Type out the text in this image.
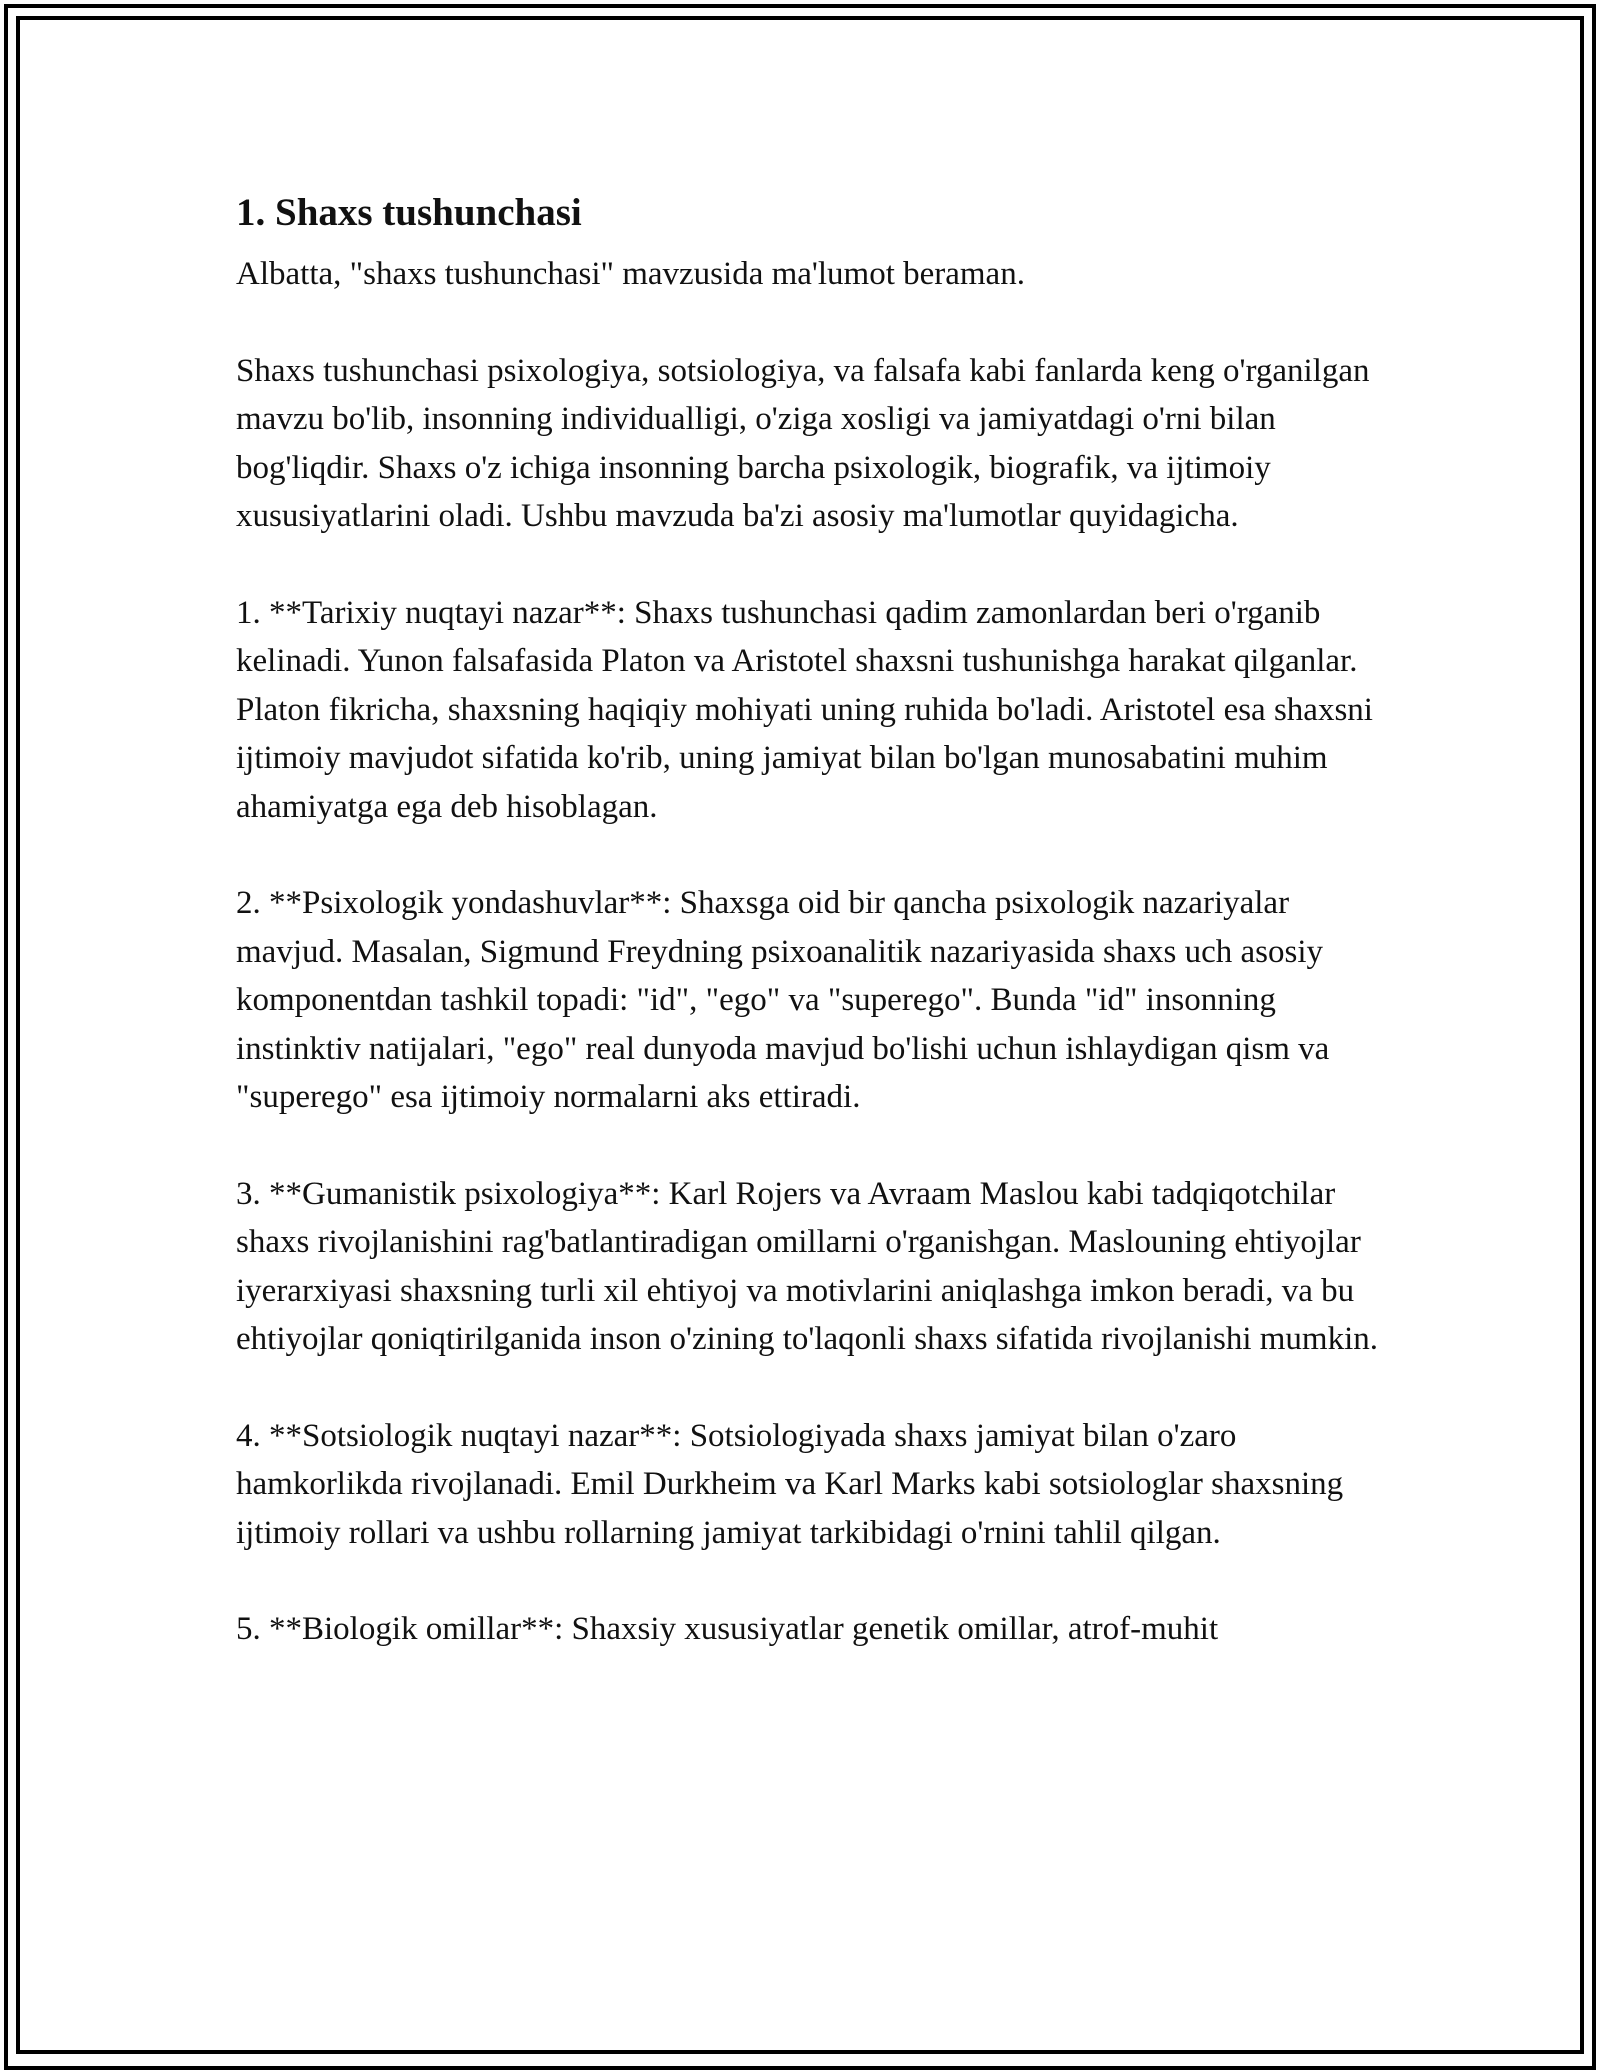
1. Shaxs tushunchasi

Albatta, "shaxs tushunchasi" mavzusida ma'lumot beraman.

Shaxs tushunchasi psixologiya, sotsiologiya, va falsafa kabi fanlarda keng o'rganilgan mavzu bo'lib, insonning individualligi, o'ziga xosligi va jamiyatdagi o'rni bilan bog'liqdir. Shaxs o'z ichiga insonning barcha psixologik, biografik, va ijtimoiy xususiyatlarini oladi. Ushbu mavzuda ba'zi asosiy ma'lumotlar quyidagicha.

1. **Tarixiy nuqtayi nazar**: Shaxs tushunchasi qadim zamonlardan beri o'rganib kelinadi. Yunon falsafasida Platon va Aristotel shaxsni tushunishga harakat qilganlar. Platon fikricha, shaxsning haqiqiy mohiyati uning ruhida bo'ladi. Aristotel esa shaxsni ijtimoiy mavjudot sifatida ko'rib, uning jamiyat bilan bo'lgan munosabatini muhim ahamiyatga ega deb hisoblagan.

2. **Psixologik yondashuvlar**: Shaxsga oid bir qancha psixologik nazariyalar mavjud. Masalan, Sigmund Freydning psixoanalitik nazariyasida shaxs uch asosiy komponentdan tashkil topadi: "id", "ego" va "superego". Bunda "id" insonning instinktiv natijalari, "ego" real dunyoda mavjud bo'lishi uchun ishlaydigan qism va "superego" esa ijtimoiy normalarni aks ettiradi.

3. **Gumanistik psixologiya**: Karl Rojers va Avraam Maslou kabi tadqiqotchilar shaxs rivojlanishini rag'batlantiradigan omillarni o'rganishgan. Maslouning ehtiyojlar iyerarxiyasi shaxsning turli xil ehtiyoj va motivlarini aniqlashga imkon beradi, va bu ehtiyojlar qoniqtirilganida inson o'zining to'laqonli shaxs sifatida rivojlanishi mumkin.

4. **Sotsiologik nuqtayi nazar**: Sotsiologiyada shaxs jamiyat bilan o'zaro hamkorlikda rivojlanadi. Emil Durkheim va Karl Marks kabi sotsiologlar shaxsning ijtimoiy rollari va ushbu rollarning jamiyat tarkibidagi o'rnini tahlil qilgan.

5. **Biologik omillar**: Shaxsiy xususiyatlar genetik omillar, atrof-muhit
